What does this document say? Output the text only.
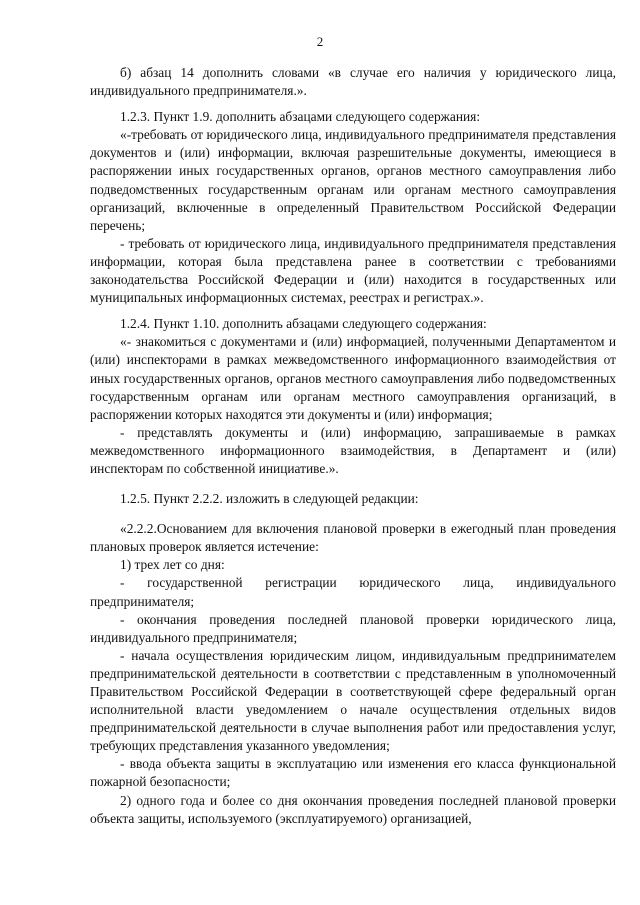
2

б) абзац 14 дополнить словами «в случае его наличия у юридического лица, индивидуального предпринимателя.».

1.2.3. Пункт 1.9. дополнить абзацами следующего содержания:

«-требовать от юридического лица, индивидуального предпринимателя представления документов и (или) информации, включая разрешительные документы, имеющиеся в распоряжении иных государственных органов, органов местного самоуправления либо подведомственных государственным органам или органам местного самоуправления организаций, включенные в определенный Правительством Российской Федерации перечень;

- требовать от юридического лица, индивидуального предпринимателя представления информации, которая была представлена ранее в соответствии с требованиями законодательства Российской Федерации и (или) находится в государственных или муниципальных информационных системах, реестрах и регистрах.».

1.2.4. Пункт 1.10. дополнить абзацами следующего содержания:

«- знакомиться с документами и (или) информацией, полученными Департаментом и (или) инспекторами в рамках межведомственного информационного взаимодействия от иных государственных органов, органов местного самоуправления либо подведомственных государственным органам или органам местного самоуправления организаций, в распоряжении которых находятся эти документы и (или) информация;

- представлять документы и (или) информацию, запрашиваемые в рамках межведомственного информационного взаимодействия, в Департамент и (или) инспекторам по собственной инициативе.».

1.2.5. Пункт 2.2.2. изложить в следующей редакции:

«2.2.2.Основанием для включения плановой проверки в ежегодный план проведения плановых проверок является истечение:

1) трех лет со дня:

- государственной регистрации юридического лица, индивидуального предпринимателя;

- окончания проведения последней плановой проверки юридического лица, индивидуального предпринимателя;

- начала осуществления юридическим лицом, индивидуальным предпринимателем предпринимательской деятельности в соответствии с представленным в уполномоченный Правительством Российской Федерации в соответствующей сфере федеральный орган исполнительной власти уведомлением о начале осуществления отдельных видов предпринимательской деятельности в случае выполнения работ или предоставления услуг, требующих представления указанного уведомления;

- ввода объекта защиты в эксплуатацию или изменения его класса функциональной пожарной безопасности;

2) одного года и более со дня окончания проведения последней плановой проверки объекта защиты, используемого (эксплуатируемого) организацией,
